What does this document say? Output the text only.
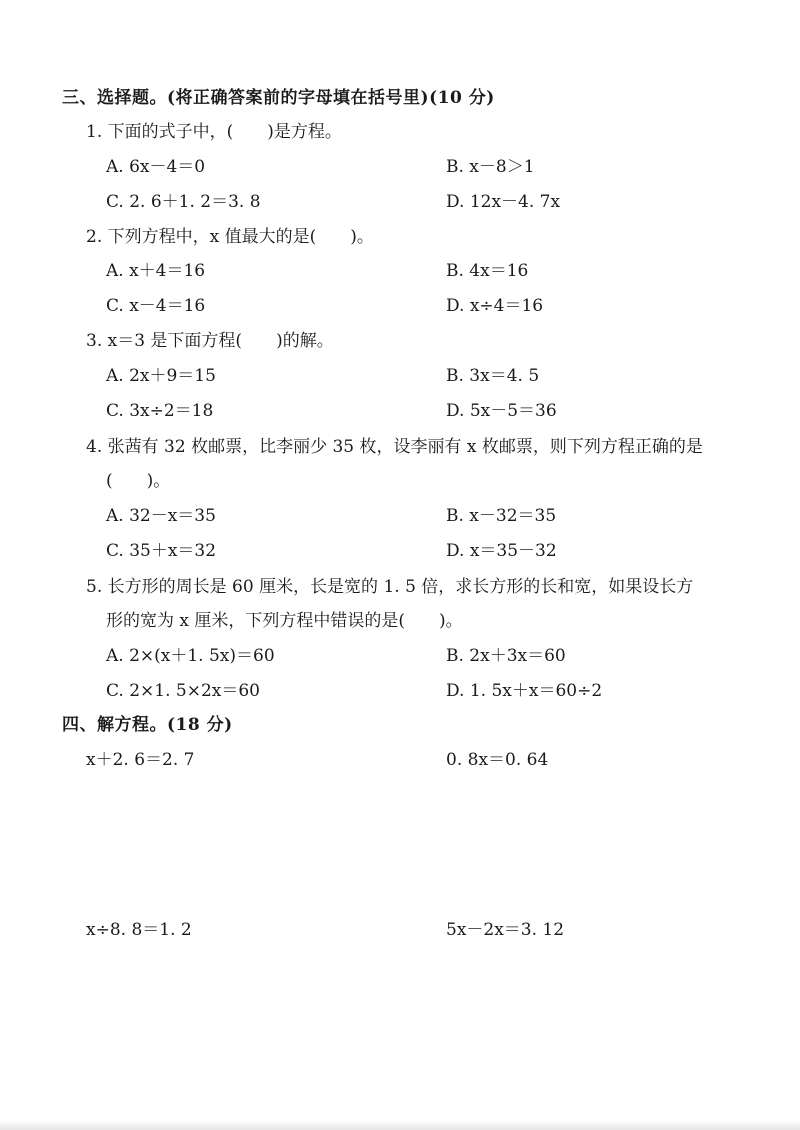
三、选择题。(将正确答案前的字母填在括号里)(10 分)
1. 下面的式子中，(　　)是方程。
A. 6x－4＝0	B. x－8＞1
C. 2. 6＋1. 2＝3. 8	D. 12x－4. 7x
2. 下列方程中，x 值最大的是(　　)。
A. x＋4＝16	B. 4x＝16
C. x－4＝16	D. x÷4＝16
3. x＝3 是下面方程(　　)的解。
A. 2x＋9＝15	B. 3x＝4. 5
C. 3x÷2＝18	D. 5x－5＝36
4. 张茜有 32 枚邮票，比李丽少 35 枚，设李丽有 x 枚邮票，则下列方程正确的是
(　　)。
A. 32－x＝35	B. x－32＝35
C. 35＋x＝32	D. x＝35－32
5. 长方形的周长是 60 厘米，长是宽的 1. 5 倍，求长方形的长和宽，如果设长方
形的宽为 x 厘米，下列方程中错误的是(　　)。
A. 2×(x＋1. 5x)＝60	B. 2x＋3x＝60
C. 2×1. 5×2x＝60	D. 1. 5x＋x＝60÷2
四、解方程。(18 分)
x＋2. 6＝2. 7	0. 8x＝0. 64
x÷8. 8＝1. 2	5x－2x＝3. 12
